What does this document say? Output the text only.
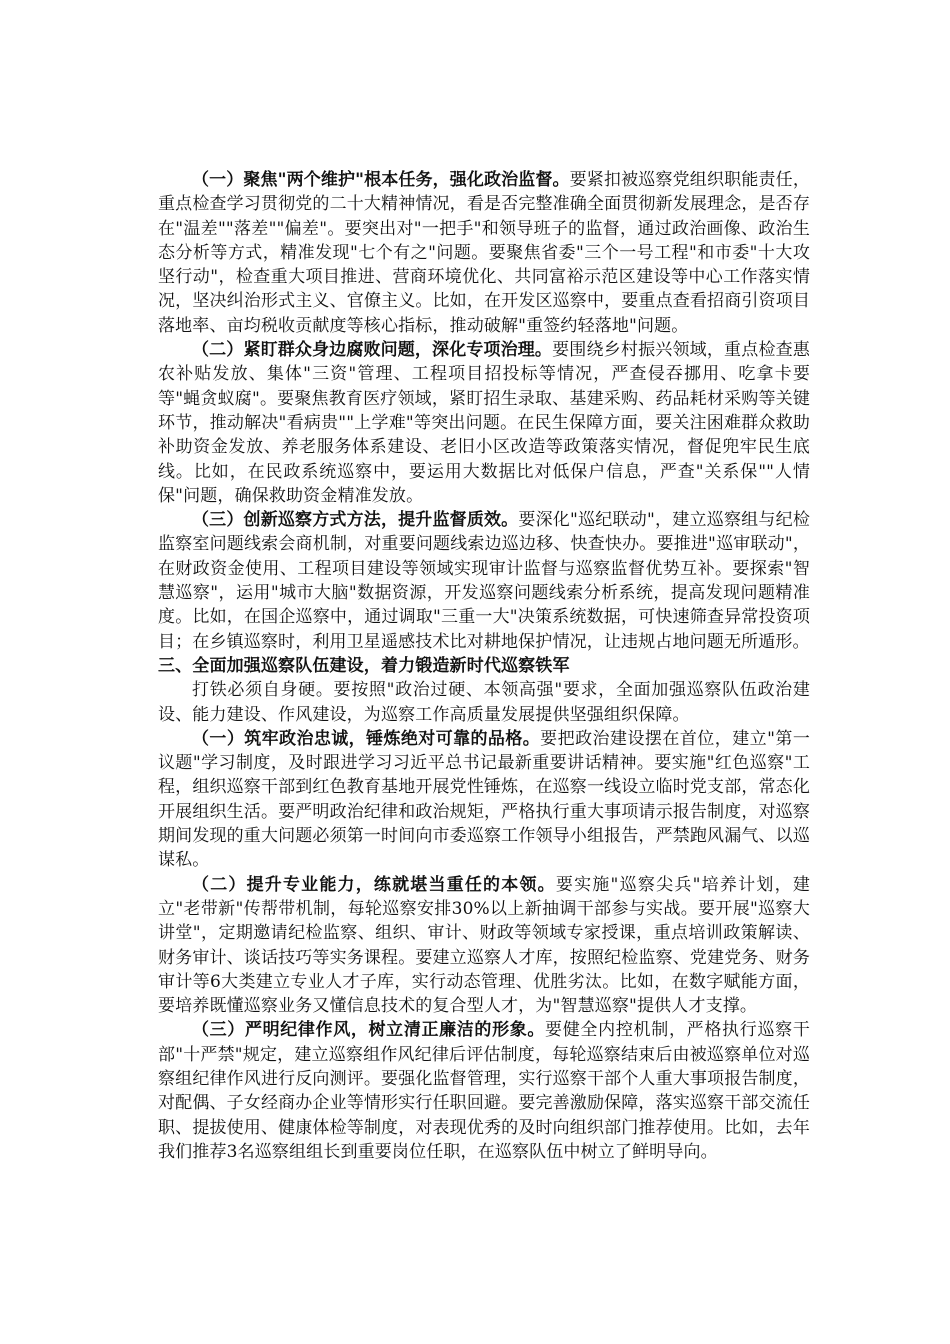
（一）聚焦"两个维护"根本任务，强化政治监督。要紧扣被巡察党组织职能责任，重点检查学习贯彻党的二十大精神情况，看是否完整准确全面贯彻新发展理念，是否存在"温差""落差""偏差"。要突出对"一把手"和领导班子的监督，通过政治画像、政治生态分析等方式，精准发现"七个有之"问题。要聚焦省委"三个一号工程"和市委"十大攻坚行动"，检查重大项目推进、营商环境优化、共同富裕示范区建设等中心工作落实情况，坚决纠治形式主义、官僚主义。比如，在开发区巡察中，要重点查看招商引资项目落地率、亩均税收贡献度等核心指标，推动破解"重签约轻落地"问题。

（二）紧盯群众身边腐败问题，深化专项治理。要围绕乡村振兴领域，重点检查惠农补贴发放、集体"三资"管理、工程项目招投标等情况，严查侵吞挪用、吃拿卡要等"蝇贪蚁腐"。要聚焦教育医疗领域，紧盯招生录取、基建采购、药品耗材采购等关键环节，推动解决"看病贵""上学难"等突出问题。在民生保障方面，要关注困难群众救助补助资金发放、养老服务体系建设、老旧小区改造等政策落实情况，督促兜牢民生底线。比如，在民政系统巡察中，要运用大数据比对低保户信息，严查"关系保""人情保"问题，确保救助资金精准发放。

（三）创新巡察方式方法，提升监督质效。要深化"巡纪联动"，建立巡察组与纪检监察室问题线索会商机制，对重要问题线索边巡边移、快查快办。要推进"巡审联动"，在财政资金使用、工程项目建设等领域实现审计监督与巡察监督优势互补。要探索"智慧巡察"，运用"城市大脑"数据资源，开发巡察问题线索分析系统，提高发现问题精准度。比如，在国企巡察中，通过调取"三重一大"决策系统数据，可快速筛查异常投资项目；在乡镇巡察时，利用卫星遥感技术比对耕地保护情况，让违规占地问题无所遁形。

三、全面加强巡察队伍建设，着力锻造新时代巡察铁军

打铁必须自身硬。要按照"政治过硬、本领高强"要求，全面加强巡察队伍政治建设、能力建设、作风建设，为巡察工作高质量发展提供坚强组织保障。

（一）筑牢政治忠诚，锤炼绝对可靠的品格。要把政治建设摆在首位，建立"第一议题"学习制度，及时跟进学习习近平总书记最新重要讲话精神。要实施"红色巡察"工程，组织巡察干部到红色教育基地开展党性锤炼，在巡察一线设立临时党支部，常态化开展组织生活。要严明政治纪律和政治规矩，严格执行重大事项请示报告制度，对巡察期间发现的重大问题必须第一时间向市委巡察工作领导小组报告，严禁跑风漏气、以巡谋私。

（二）提升专业能力，练就堪当重任的本领。要实施"巡察尖兵"培养计划，建立"老带新"传帮带机制，每轮巡察安排30%以上新抽调干部参与实战。要开展"巡察大讲堂"，定期邀请纪检监察、组织、审计、财政等领域专家授课，重点培训政策解读、财务审计、谈话技巧等实务课程。要建立巡察人才库，按照纪检监察、党建党务、财务审计等6大类建立专业人才子库，实行动态管理、优胜劣汰。比如，在数字赋能方面，要培养既懂巡察业务又懂信息技术的复合型人才，为"智慧巡察"提供人才支撑。

（三）严明纪律作风，树立清正廉洁的形象。要健全内控机制，严格执行巡察干部"十严禁"规定，建立巡察组作风纪律后评估制度，每轮巡察结束后由被巡察单位对巡察组纪律作风进行反向测评。要强化监督管理，实行巡察干部个人重大事项报告制度，对配偶、子女经商办企业等情形实行任职回避。要完善激励保障，落实巡察干部交流任职、提拔使用、健康体检等制度，对表现优秀的及时向组织部门推荐使用。比如，去年我们推荐3名巡察组组长到重要岗位任职，在巡察队伍中树立了鲜明导向。
